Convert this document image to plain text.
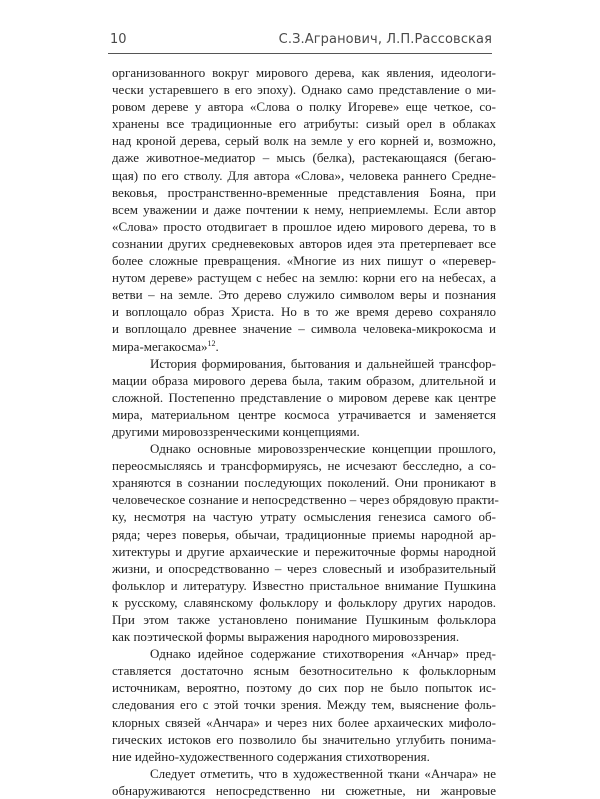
10	С.З.Агранович, Л.П.Рассовская
организованного вокруг мирового дерева, как явления, идеологи-
чески устаревшего в его эпоху). Однако само представление о ми-
ровом дереве у автора «Слова о полку Игореве» еще четкое, со-
хранены все традиционные его атрибуты: сизый орел в облаках
над кроной дерева, серый волк на земле у его корней и, возможно,
даже животное-медиатор – мысь (белка), растекающаяся (бегаю-
щая) по его стволу. Для автора «Слова», человека раннего Средне-
вековья, пространственно-временные представления Бояна, при
всем уважении и даже почтении к нему, неприемлемы. Если автор
«Слова» просто отодвигает в прошлое идею мирового дерева, то в
сознании других средневековых авторов идея эта претерпевает все
более сложные превращения. «Многие из них пишут о «перевер-
нутом дереве» растущем с небес на землю: корни его на небесах, а
ветви – на земле. Это дерево служило символом веры и познания
и воплощало образ Христа. Но в то же время дерево сохраняло
и воплощало древнее значение – символа человека-микрокосма и
мира-мегакосма»$^{12}$.
История формирования, бытования и дальнейшей трансфор-
мации образа мирового дерева была, таким образом, длительной и
сложной. Постепенно представление о мировом дереве как центре
мира, материальном центре космоса утрачивается и заменяется
другими мировоззренческими концепциями.
Однако основные мировоззренческие концепции прошлого,
переосмысляясь и трансформируясь, не исчезают бесследно, а со-
храняются в сознании последующих поколений. Они проникают в
человеческое сознание и непосредственно – через обрядовую практи-
ку, несмотря на частую утрату осмысления генезиса самого об-
ряда; через поверья, обычаи, традиционные приемы народной ар-
хитектуры и другие архаические и пережиточные формы народной
жизни, и опосредствованно – через словесный и изобразительный
фольклор и литературу. Известно пристальное внимание Пушкина
к русскому, славянскому фольклору и фольклору других народов.
При этом также установлено понимание Пушкиным фольклора
как поэтической формы выражения народного мировоззрения.
Однако идейное содержание стихотворения «Анчар» пред-
ставляется достаточно ясным безотносительно к фольклорным
источникам, вероятно, поэтому до сих пор не было попыток ис-
следования его с этой точки зрения. Между тем, выяснение фоль-
клорных связей «Анчара» и через них более архаических мифоло-
гических истоков его позволило бы значительно углубить понима-
ние идейно-художественного содержания стихотворения.
Следует отметить, что в художественной ткани «Анчара» не
обнаруживаются непосредственно ни сюжетные, ни жанровые
